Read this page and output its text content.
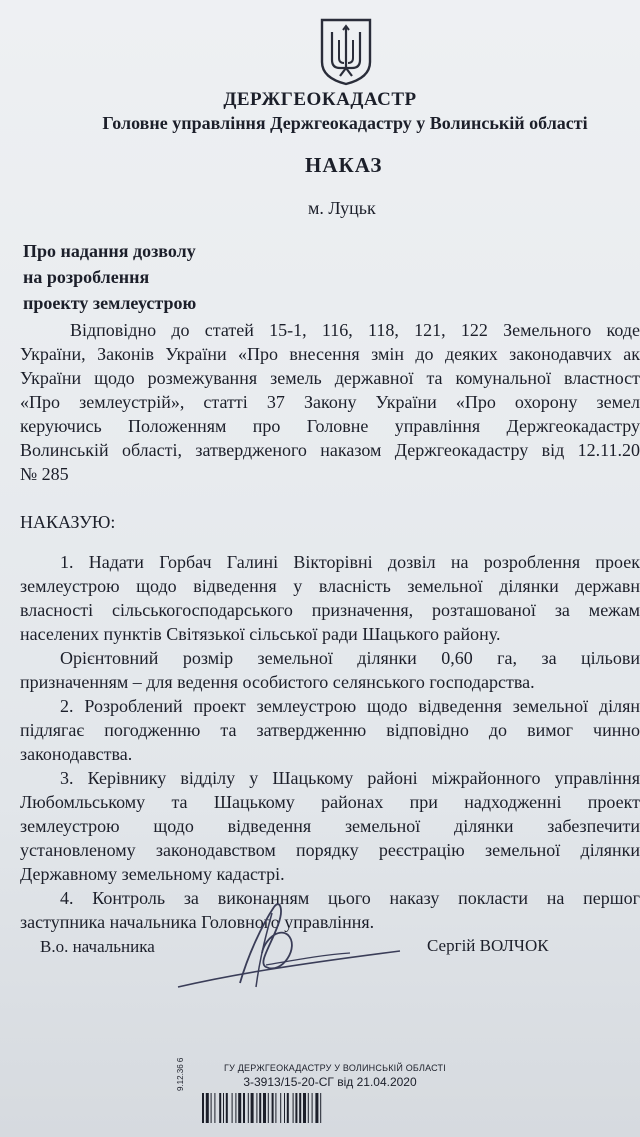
ДЕРЖГЕОКАДАСТР
Головне управління Держгеокадастру у Волинській області
НАКАЗ
м. Луцьк
Про надання дозволу
на розроблення
проекту землеустрою
Відповідно до статей 15-1, 116, 118, 121, 122 Земельного коде
України, Законів України «Про внесення змін до деяких законодавчих ак
України щодо розмежування земель державної та комунальної властност
«Про землеустрій», статті 37 Закону України «Про охорону земел
керуючись Положенням про Головне управління Держгеокадастру
Волинській області, затвердженого наказом Держгеокадастру від 12.11.20
№ 285
НАКАЗУЮ:
1. Надати Горбач Галині Вікторівні дозвіл на розроблення проек
землеустрою щодо відведення у власність земельної ділянки державн
власності сільськогосподарського призначення, розташованої за межам
населених пунктів Світязької сільської ради Шацького району.
Орієнтовний розмір земельної ділянки 0,60 га, за цільови
призначенням – для ведення особистого селянського господарства.
2. Розроблений проект землеустрою щодо відведення земельної ділян
підлягає погодженню та затвердженню відповідно до вимог чинно
законодавства.
3. Керівнику відділу у Шацькому районі міжрайонного управління
Любомльському та Шацькому районах при надходженні проект
землеустрою щодо відведення земельної ділянки забезпечити
установленому законодавством порядку реєстрацію земельної ділянки
Державному земельному кадастрі.
4. Контроль за виконанням цього наказу покласти на першог
заступника начальника Головного управління.
В.о. начальника	Сергій ВОЛЧОК
ГУ ДЕРЖГЕОКАДАСТРУ У ВОЛИНСЬКІЙ ОБЛАСТІ
3-3913/15-20-СГ від 21.04.2020
9.12.36 6
